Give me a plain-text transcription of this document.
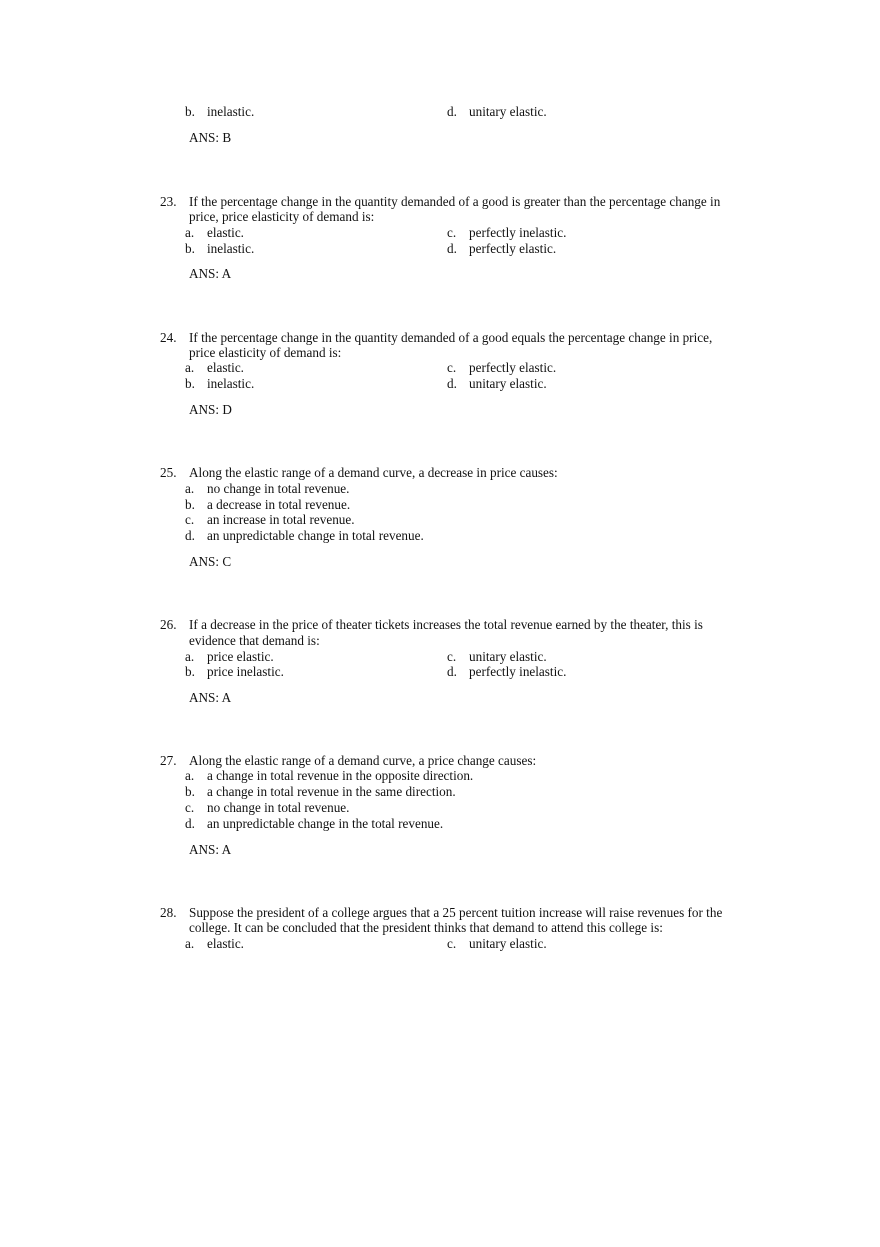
b. inelastic.	d. unitary elastic.
ANS: B
23. If the percentage change in the quantity demanded of a good is greater than the percentage change in
price, price elasticity of demand is:
a. elastic.	c. perfectly inelastic.
b. inelastic.	d. perfectly elastic.
ANS: A
24. If the percentage change in the quantity demanded of a good equals the percentage change in price,
price elasticity of demand is:
a. elastic.	c. perfectly elastic.
b. inelastic.	d. unitary elastic.
ANS: D
25. Along the elastic range of a demand curve, a decrease in price causes:
a. no change in total revenue.
b. a decrease in total revenue.
c. an increase in total revenue.
d. an unpredictable change in total revenue.
ANS: C
26. If a decrease in the price of theater tickets increases the total revenue earned by the theater, this is
evidence that demand is:
a. price elastic.	c. unitary elastic.
b. price inelastic.	d. perfectly inelastic.
ANS: A
27. Along the elastic range of a demand curve, a price change causes:
a. a change in total revenue in the opposite direction.
b. a change in total revenue in the same direction.
c. no change in total revenue.
d. an unpredictable change in the total revenue.
ANS: A
28. Suppose the president of a college argues that a 25 percent tuition increase will raise revenues for the
college. It can be concluded that the president thinks that demand to attend this college is:
a. elastic.	c. unitary elastic.
